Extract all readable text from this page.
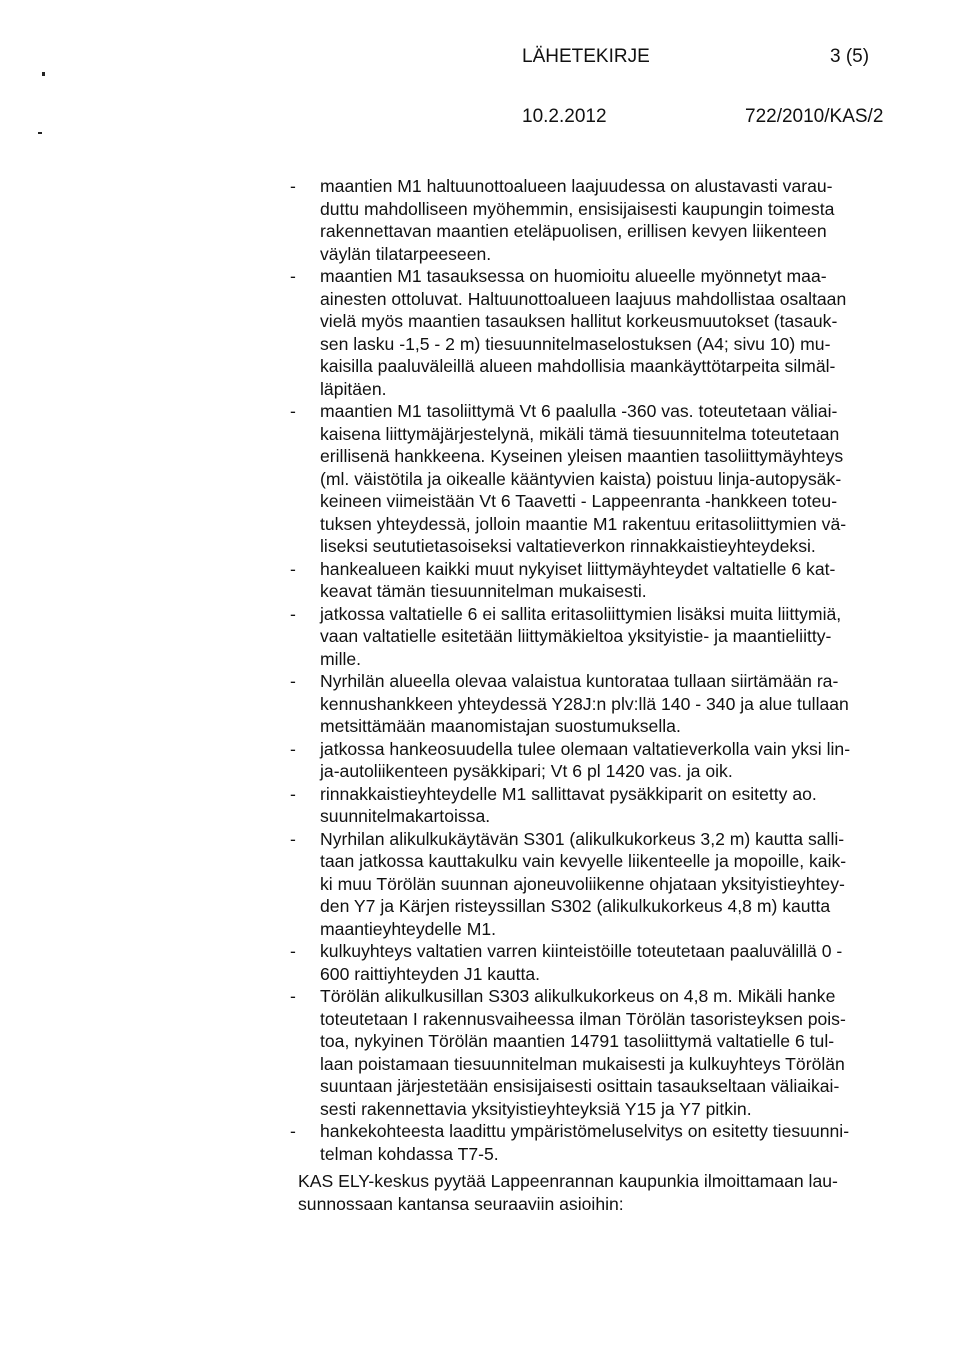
LÄHETEKIRJE	3 (5)
10.2.2012	722/2010/KAS/2
- maantien M1 haltuunottoalueen laajuudessa on alustavasti varau-
duttu mahdolliseen myöhemmin, ensisijaisesti kaupungin toimesta
rakennettavan maantien eteläpuolisen, erillisen kevyen liikenteen
väylän tilatarpeeseen.
- maantien M1 tasauksessa on huomioitu alueelle myönnetyt maa-
ainesten ottoluvat. Haltuunottoalueen laajuus mahdollistaa osaltaan
vielä myös maantien tasauksen hallitut korkeusmuutokset (tasauk-
sen lasku -1,5 - 2 m) tiesuunnitelmaselostuksen (A4; sivu 10) mu-
kaisilla paaluväleillä alueen mahdollisia maankäyttötarpeita silmäl-
läpitäen.
- maantien M1 tasoliittymä Vt 6 paalulla -360 vas. toteutetaan väliai-
kaisena liittymäjärjestelynä, mikäli tämä tiesuunnitelma toteutetaan
erillisenä hankkeena. Kyseinen yleisen maantien tasoliittymäyhteys
(ml. väistötila ja oikealle kääntyvien kaista) poistuu linja-autopysäk-
keineen viimeistään Vt 6 Taavetti - Lappeenranta -hankkeen toteu-
tuksen yhteydessä, jolloin maantie M1 rakentuu eritasoliittymien vä-
liseksi seututietasoiseksi valtatieverkon rinnakkaistieyhteydeksi.
- hankealueen kaikki muut nykyiset liittymäyhteydet valtatielle 6 kat-
keavat tämän tiesuunnitelman mukaisesti.
- jatkossa valtatielle 6 ei sallita eritasoliittymien lisäksi muita liittymiä,
vaan valtatielle esitetään liittymäkieltoa yksityistie- ja maantieliitty-
mille.
- Nyrhilän alueella olevaa valaistua kuntorataa tullaan siirtämään ra-
kennushankkeen yhteydessä Y28J:n plv:llä 140 - 340 ja alue tullaan
metsittämään maanomistajan suostumuksella.
- jatkossa hankeosuudella tulee olemaan valtatieverkolla vain yksi lin-
ja-autoliikenteen pysäkkipari; Vt 6 pl 1420 vas. ja oik.
- rinnakkaistieyhteydelle M1 sallittavat pysäkkiparit on esitetty ao.
suunnitelmakartoissa.
- Nyrhilan alikulkukäytävän S301 (alikulkukorkeus 3,2 m) kautta salli-
taan jatkossa kauttakulku vain kevyelle liikenteelle ja mopoille, kaik-
ki muu Törölän suunnan ajoneuvoliikenne ohjataan yksityistieyhtey-
den Y7 ja Kärjen risteyssillan S302 (alikulkukorkeus 4,8 m) kautta
maantieyhteydelle M1.
- kulkuyhteys valtatien varren kiinteistöille toteutetaan paaluvälillä 0 -
600 raittiyhteyden J1 kautta.
- Törölän alikulkusillan S303 alikulkukorkeus on 4,8 m. Mikäli hanke
toteutetaan I rakennusvaiheessa ilman Törölän tasoristeyksen pois-
toa, nykyinen Törölän maantien 14791 tasoliittymä valtatielle 6 tul-
laan poistamaan tiesuunnitelman mukaisesti ja kulkuyhteys Törölän
suuntaan järjestetään ensisijaisesti osittain tasaukseltaan väliaikai-
sesti rakennettavia yksityistieyhteyksiä Y15 ja Y7 pitkin.
- hankekohteesta laadittu ympäristömeluselvitys on esitetty tiesuunni-
telman kohdassa T7-5.
KAS ELY-keskus pyytää Lappeenrannan kaupunkia ilmoittamaan lau-
sunnossaan kantansa seuraaviin asioihin:
